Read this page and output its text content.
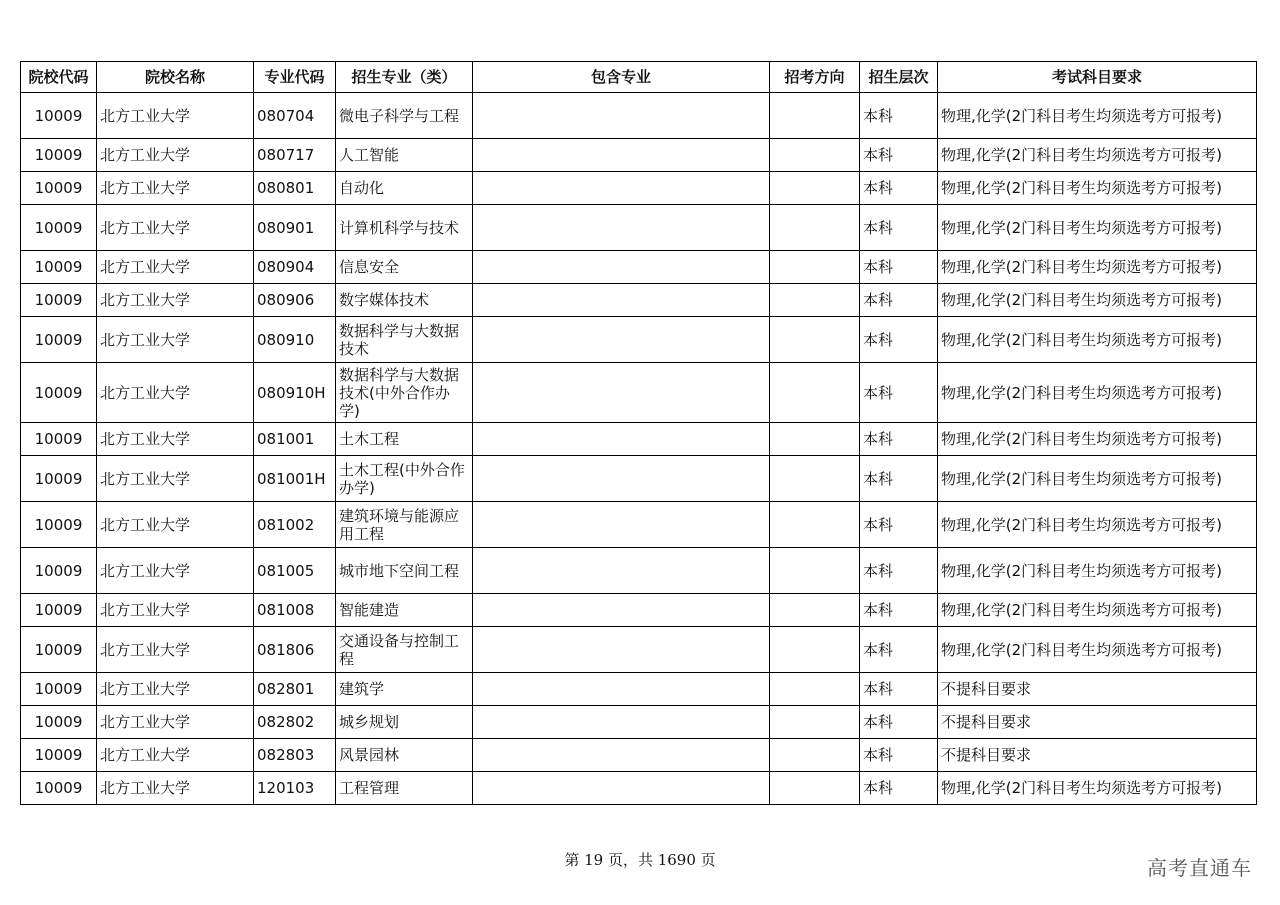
院校代码	院校名称	专业代码	招生专业（类）	包含专业	招考方向	招生层次	考试科目要求
10009	北方工业大学	080704	微电子科学与工程			本科	物理,化学(2门科目考生均须选考方可报考)
10009	北方工业大学	080717	人工智能			本科	物理,化学(2门科目考生均须选考方可报考)
10009	北方工业大学	080801	自动化			本科	物理,化学(2门科目考生均须选考方可报考)
10009	北方工业大学	080901	计算机科学与技术			本科	物理,化学(2门科目考生均须选考方可报考)
10009	北方工业大学	080904	信息安全			本科	物理,化学(2门科目考生均须选考方可报考)
10009	北方工业大学	080906	数字媒体技术			本科	物理,化学(2门科目考生均须选考方可报考)
10009	北方工业大学	080910	数据科学与大数据技术			本科	物理,化学(2门科目考生均须选考方可报考)
10009	北方工业大学	080910H	数据科学与大数据技术(中外合作办学)			本科	物理,化学(2门科目考生均须选考方可报考)
10009	北方工业大学	081001	土木工程			本科	物理,化学(2门科目考生均须选考方可报考)
10009	北方工业大学	081001H	土木工程(中外合作办学)			本科	物理,化学(2门科目考生均须选考方可报考)
10009	北方工业大学	081002	建筑环境与能源应用工程			本科	物理,化学(2门科目考生均须选考方可报考)
10009	北方工业大学	081005	城市地下空间工程			本科	物理,化学(2门科目考生均须选考方可报考)
10009	北方工业大学	081008	智能建造			本科	物理,化学(2门科目考生均须选考方可报考)
10009	北方工业大学	081806	交通设备与控制工程			本科	物理,化学(2门科目考生均须选考方可报考)
10009	北方工业大学	082801	建筑学			本科	不提科目要求
10009	北方工业大学	082802	城乡规划			本科	不提科目要求
10009	北方工业大学	082803	风景园林			本科	不提科目要求
10009	北方工业大学	120103	工程管理			本科	物理,化学(2门科目考生均须选考方可报考)
第 19 页，共 1690 页	高考直通车
